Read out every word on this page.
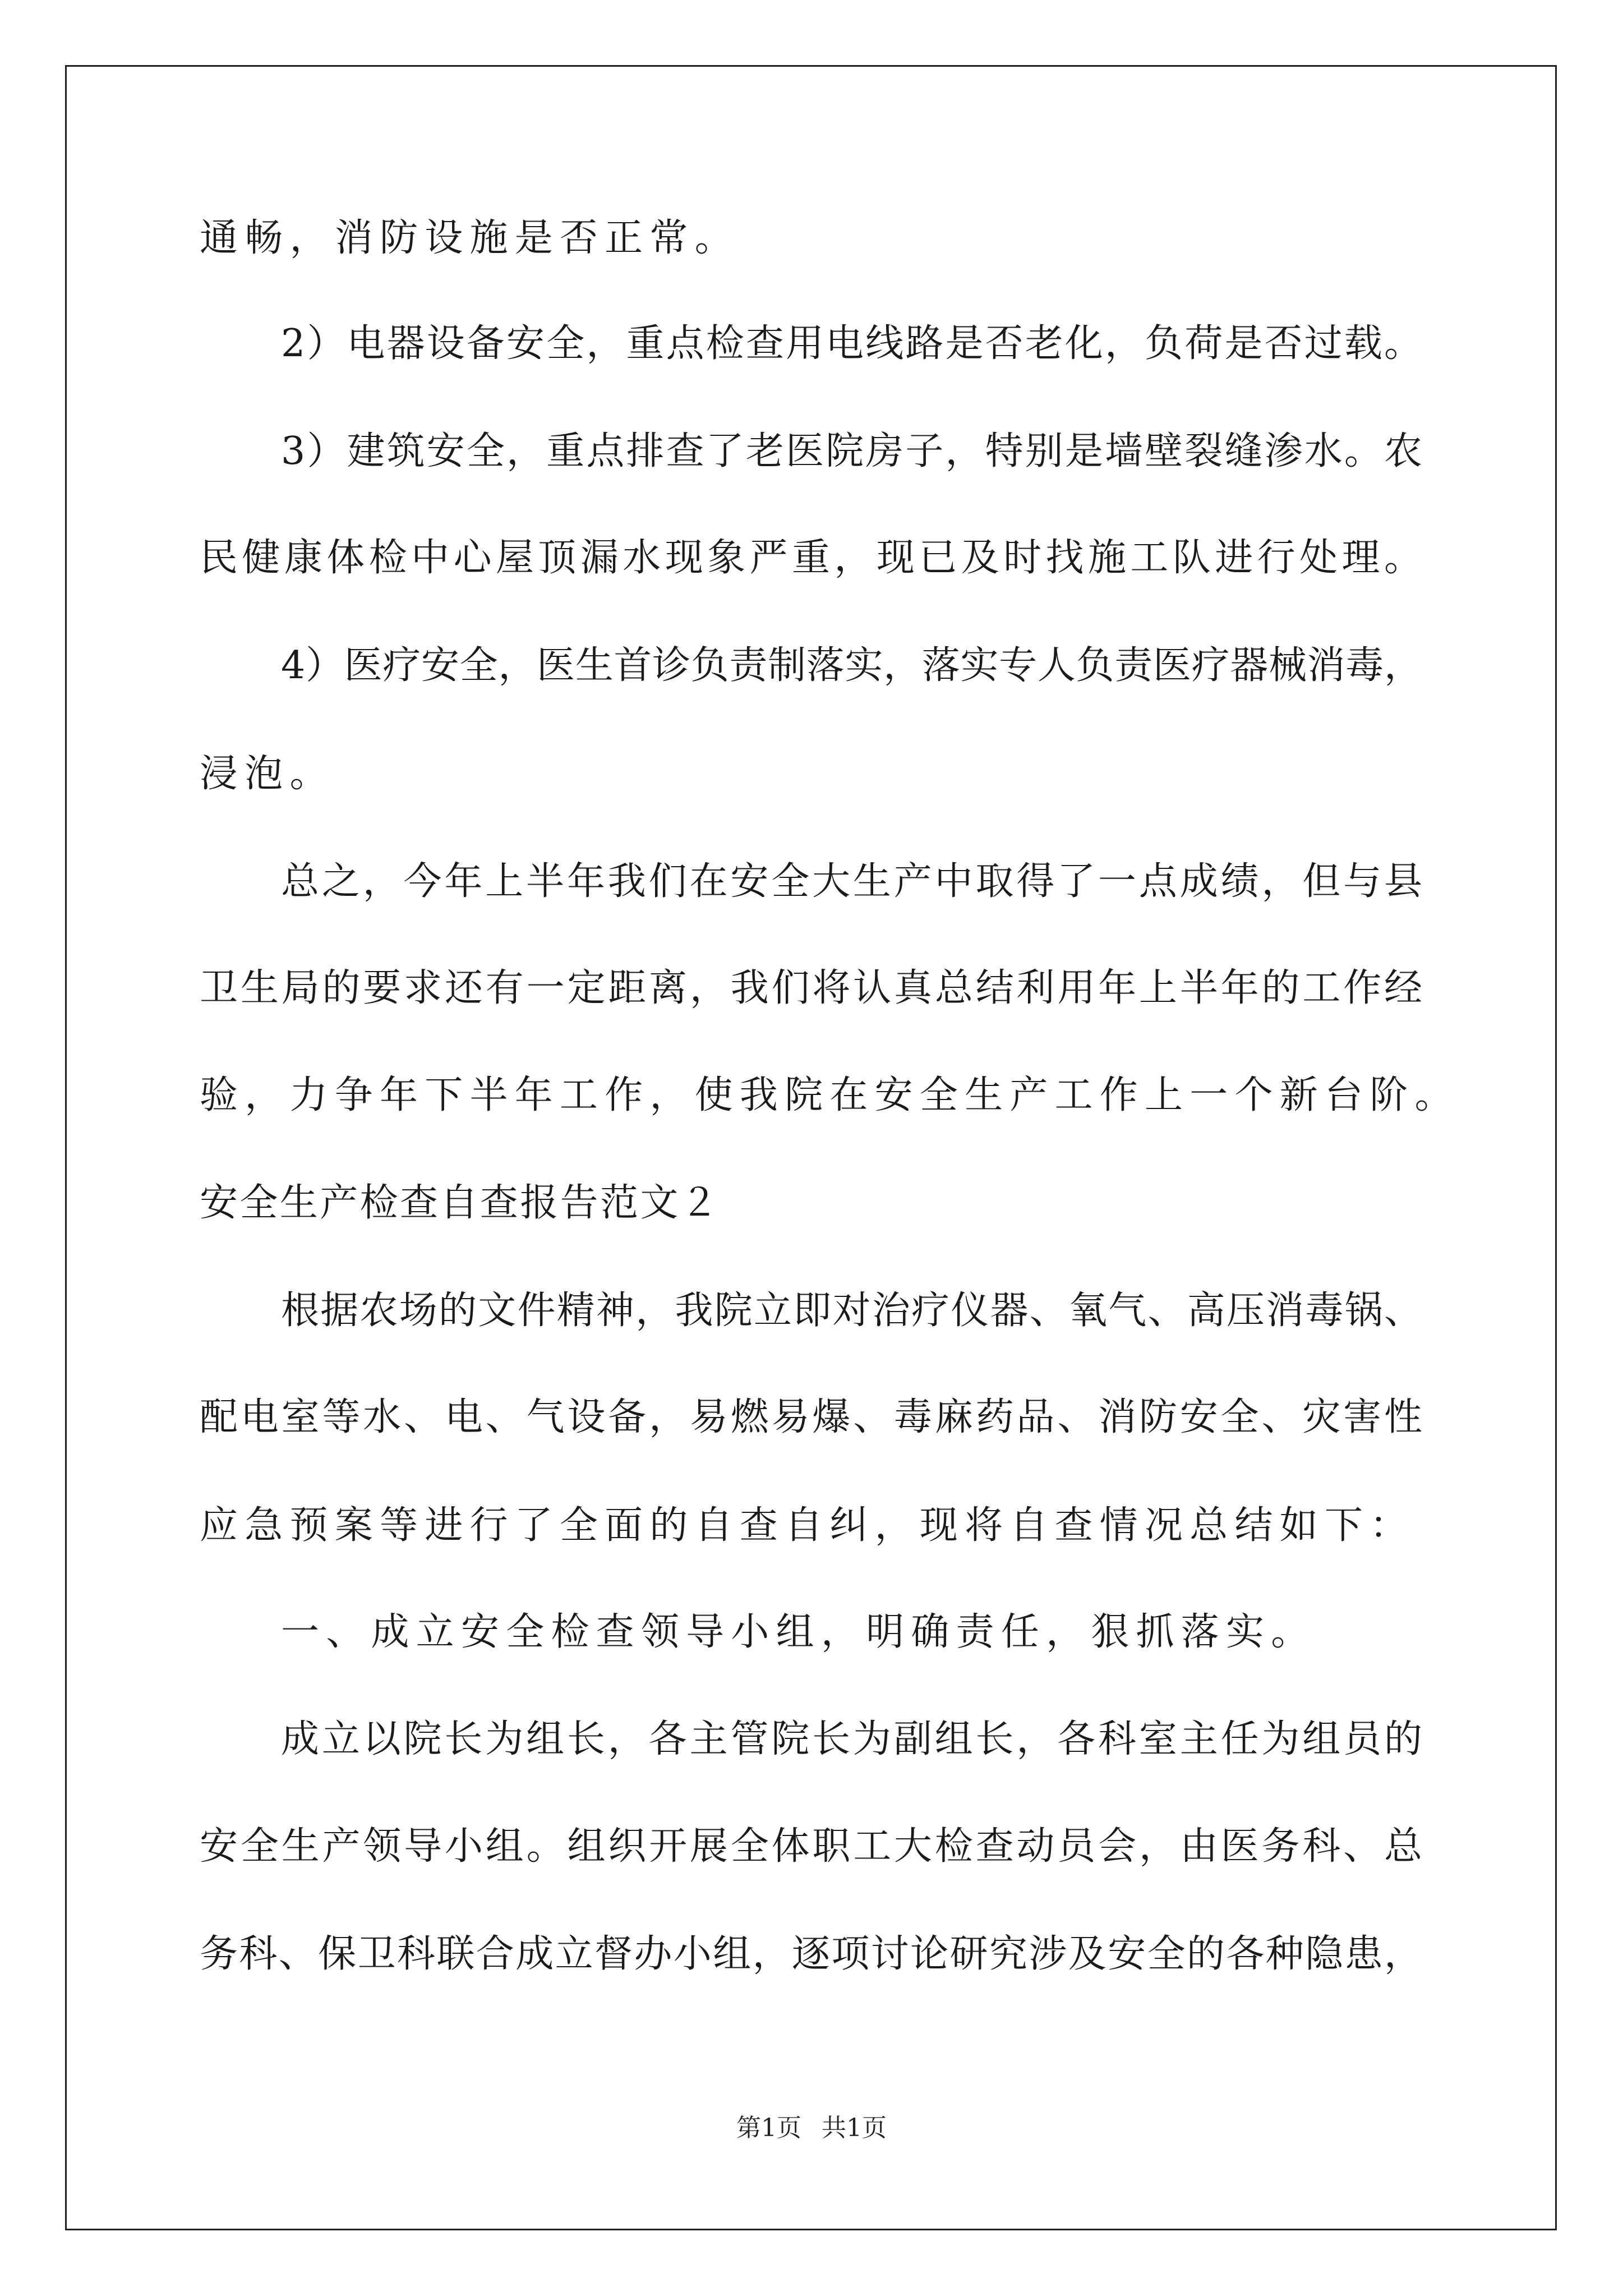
通畅，消防设施是否正常。
2）电器设备安全，重点检查用电线路是否老化，负荷是否过载。
3）建筑安全，重点排查了老医院房子，特别是墙壁裂缝渗水。农
民健康体检中心屋顶漏水现象严重，现已及时找施工队进行处理。
4）医疗安全，医生首诊负责制落实，落实专人负责医疗器械消毒，
浸泡。
总之，今年上半年我们在安全大生产中取得了一点成绩，但与县
卫生局的要求还有一定距离，我们将认真总结利用年上半年的工作经
验，力争年下半年工作，使我院在安全生产工作上一个新台阶。
安全生产检查自查报告范文２
根据农场的文件精神，我院立即对治疗仪器、氧气、高压消毒锅、
配电室等水、电、气设备，易燃易爆、毒麻药品、消防安全、灾害性
应急预案等进行了全面的自查自纠，现将自查情况总结如下：
一、成立安全检查领导小组，明确责任，狠抓落实。
成立以院长为组长，各主管院长为副组长，各科室主任为组员的
安全生产领导小组。组织开展全体职工大检查动员会，由医务科、总
务科、保卫科联合成立督办小组，逐项讨论研究涉及安全的各种隐患，
第1页 共1页
